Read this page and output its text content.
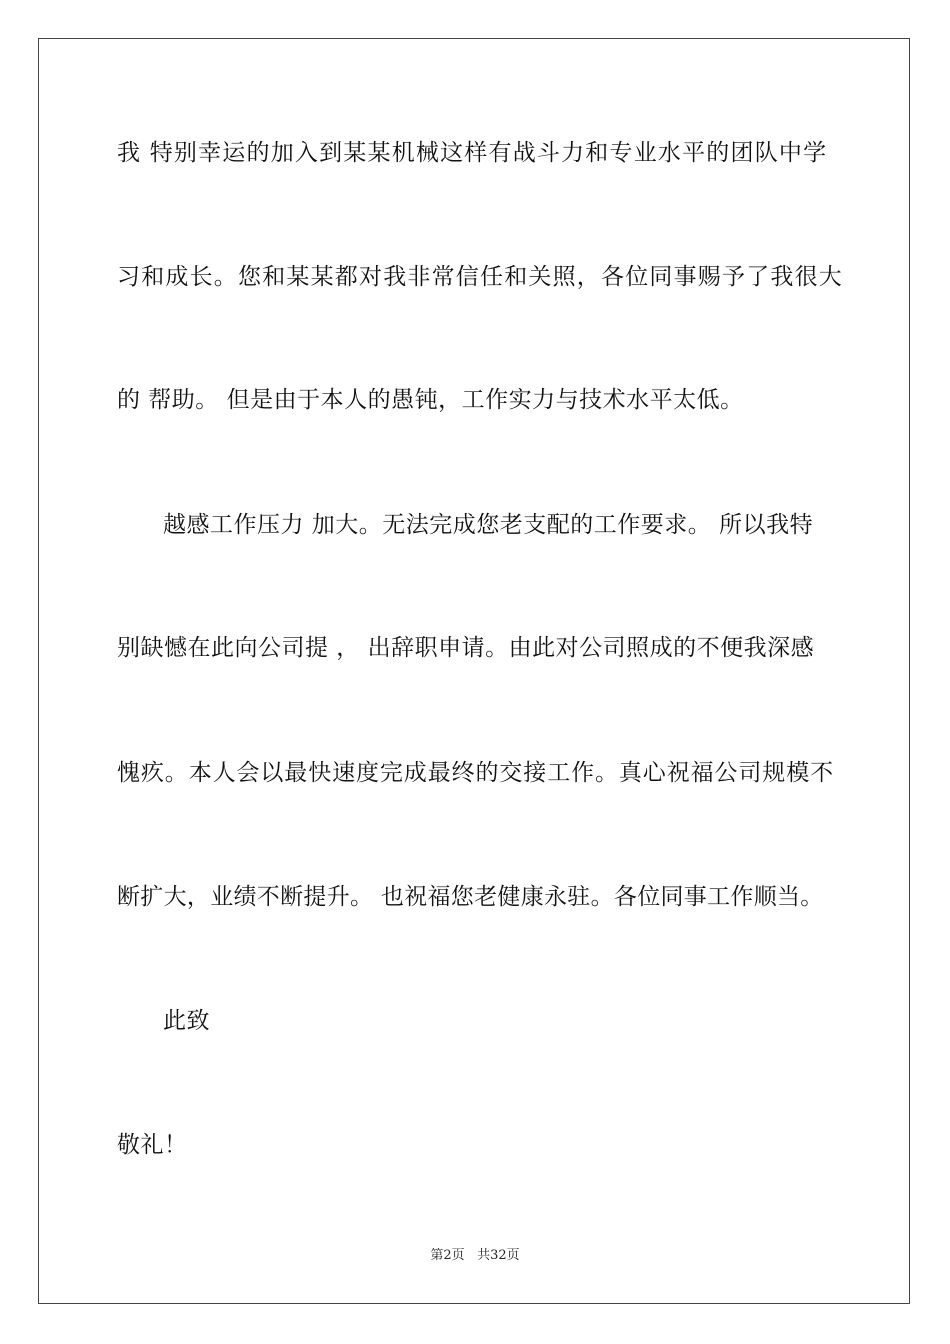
我 特别幸运的加入到某某机械这样有战斗力和专业水平的团队中学
习和成长。您和某某都对我非常信任和关照，各位同事赐予了我很大
的 帮助。 但是由于本人的愚钝，工作实力与技术水平太低。
越感工作压力 加大。无法完成您老支配的工作要求。 所以我特
别缺憾在此向公司提 ， 出辞职申请。由此对公司照成的不便我深感
愧疚。本人会以最快速度完成最终的交接工作。真心祝福公司规模不
断扩大，业绩不断提升。 也祝福您老健康永驻。各位同事工作顺当。
此致
敬礼！
第2页 共32页
